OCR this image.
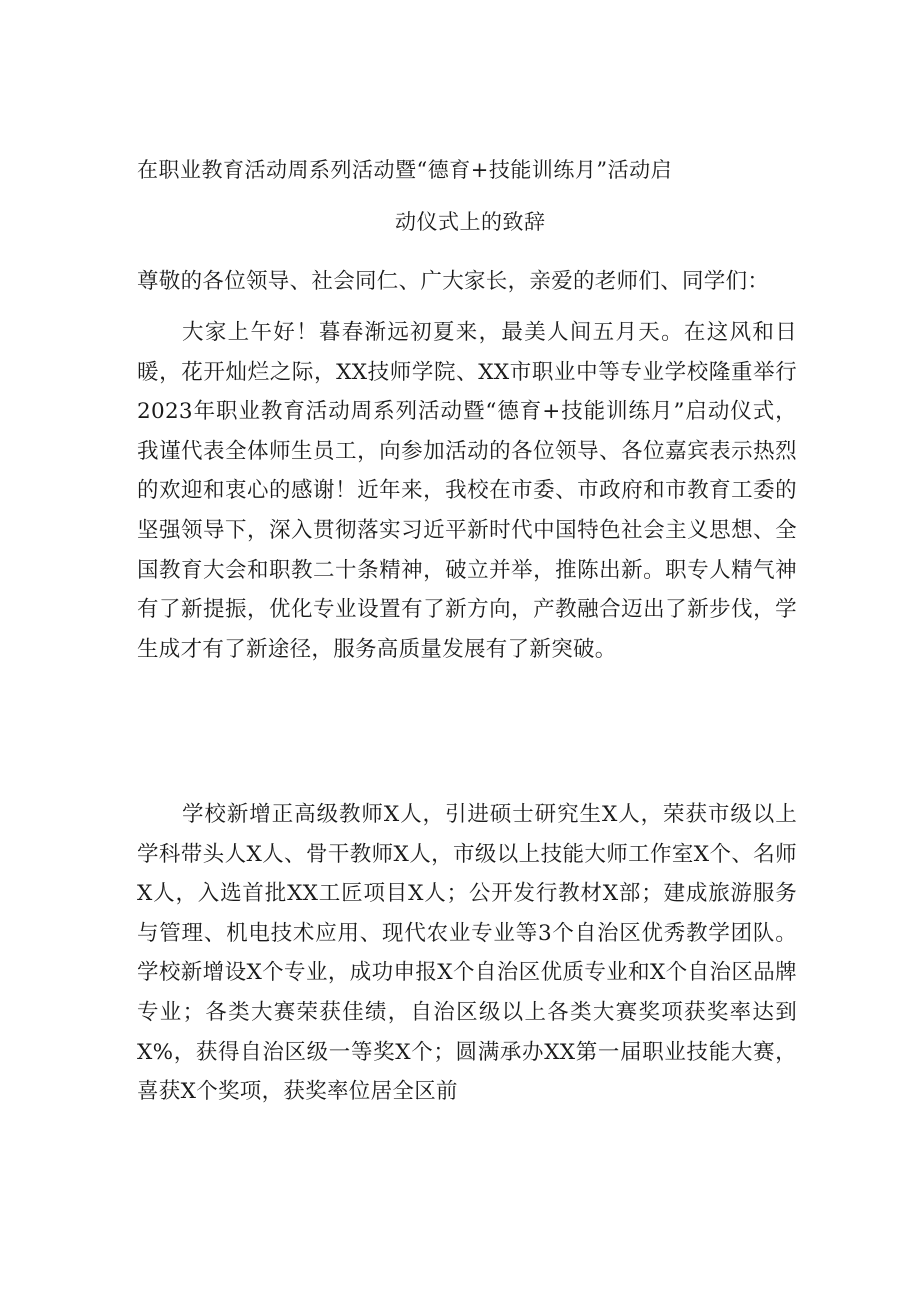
在职业教育活动周系列活动暨“德育+技能训练月”活动启
动仪式上的致辞

尊敬的各位领导、社会同仁、广大家长，亲爱的老师们、同学们：

大家上午好！暮春渐远初夏来，最美人间五月天。在这风和日暖，花开灿烂之际，XX技师学院、XX市职业中等专业学校隆重举行2023年职业教育活动周系列活动暨“德育+技能训练月”启动仪式，我谨代表全体师生员工，向参加活动的各位领导、各位嘉宾表示热烈的欢迎和衷心的感谢！近年来，我校在市委、市政府和市教育工委的坚强领导下，深入贯彻落实习近平新时代中国特色社会主义思想、全国教育大会和职教二十条精神，破立并举，推陈出新。职专人精气神有了新提振，优化专业设置有了新方向，产教融合迈出了新步伐，学生成才有了新途径，服务高质量发展有了新突破。

学校新增正高级教师X人，引进硕士研究生X人，荣获市级以上学科带头人X人、骨干教师X人，市级以上技能大师工作室X个、名师X人，入选首批XX工匠项目X人；公开发行教材X部；建成旅游服务与管理、机电技术应用、现代农业专业等3个自治区优秀教学团队。学校新增设X个专业，成功申报X个自治区优质专业和X个自治区品牌专业；各类大赛荣获佳绩，自治区级以上各类大赛奖项获奖率达到X%，获得自治区级一等奖X个；圆满承办XX第一届职业技能大赛，喜获X个奖项，获奖率位居全区前
